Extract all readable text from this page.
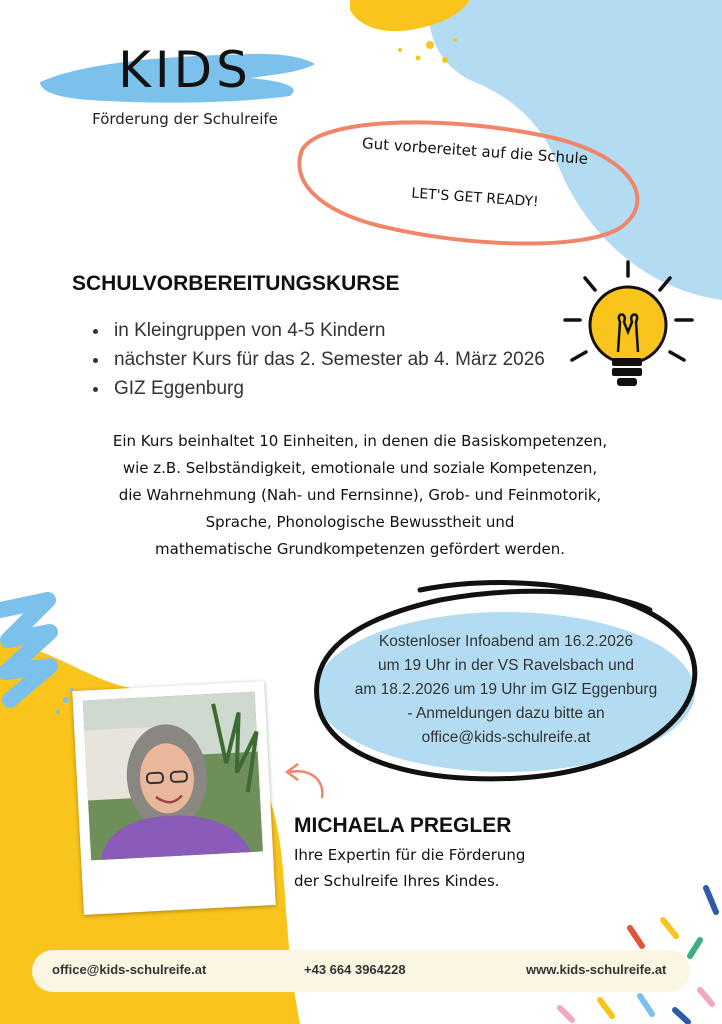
KIDS
Förderung der Schulreife
Gut vorbereitet auf die Schule
LET'S GET READY!
SCHULVORBEREITUNGSKURSE
• in Kleingruppen von 4-5 Kindern
• nächster Kurs für das 2. Semester ab 4. März 2026
• GIZ Eggenburg
Ein Kurs beinhaltet 10 Einheiten, in denen die Basiskompetenzen,
wie z.B. Selbständigkeit, emotionale und soziale Kompetenzen,
die Wahrnehmung (Nah- und Fernsinne), Grob- und Feinmotorik,
Sprache, Phonologische Bewusstheit und
mathematische Grundkompetenzen gefördert werden.
Kostenloser Infoabend am 16.2.2026
um 19 Uhr in der VS Ravelsbach und
am 18.2.2026 um 19 Uhr im GIZ Eggenburg
- Anmeldungen dazu bitte an
office@kids-schulreife.at
MICHAELA PREGLER
Ihre Expertin für die Förderung
der Schulreife Ihres Kindes.
office@kids-schulreife.at	+43 664 3964228	www.kids-schulreife.at
